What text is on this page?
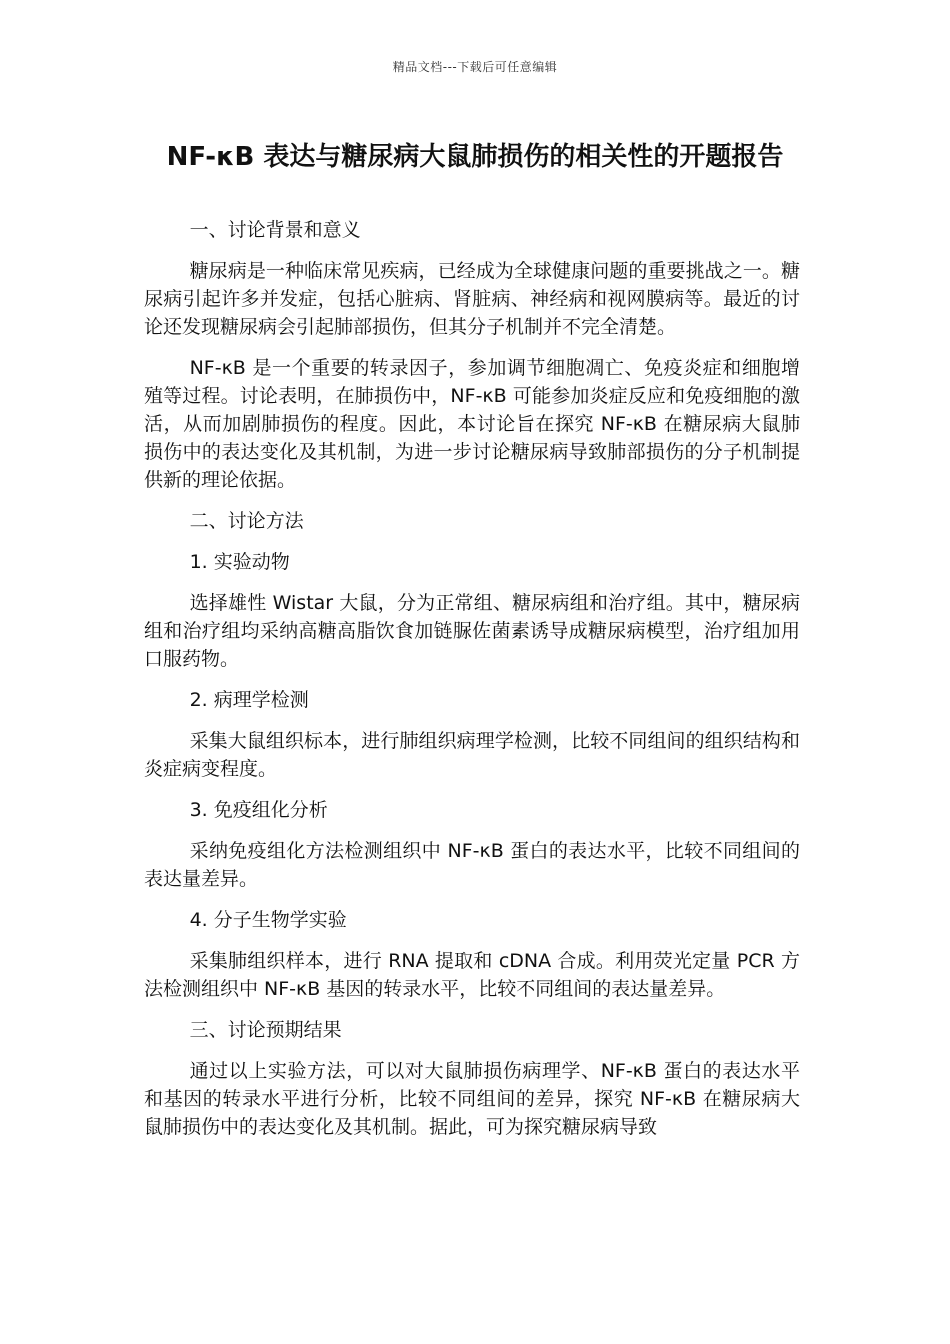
精品文档---下载后可任意编辑
NF-κB 表达与糖尿病大鼠肺损伤的相关性的开题报告

一、讨论背景和意义

糖尿病是一种临床常见疾病，已经成为全球健康问题的重要挑战之一。糖尿病引起许多并发症，包括心脏病、肾脏病、神经病和视网膜病等。最近的讨论还发现糖尿病会引起肺部损伤，但其分子机制并不完全清楚。

NF-κB 是一个重要的转录因子，参加调节细胞凋亡、免疫炎症和细胞增殖等过程。讨论表明，在肺损伤中，NF-κB 可能参加炎症反应和免疫细胞的激活，从而加剧肺损伤的程度。因此，本讨论旨在探究 NF-κB 在糖尿病大鼠肺损伤中的表达变化及其机制，为进一步讨论糖尿病导致肺部损伤的分子机制提供新的理论依据。

二、讨论方法

1. 实验动物

选择雄性 Wistar 大鼠，分为正常组、糖尿病组和治疗组。其中，糖尿病组和治疗组均采纳高糖高脂饮食加链脲佐菌素诱导成糖尿病模型，治疗组加用口服药物。

2. 病理学检测

采集大鼠组织标本，进行肺组织病理学检测，比较不同组间的组织结构和炎症病变程度。

3. 免疫组化分析

采纳免疫组化方法检测组织中 NF-κB 蛋白的表达水平，比较不同组间的表达量差异。

4. 分子生物学实验

采集肺组织样本，进行 RNA 提取和 cDNA 合成。利用荧光定量 PCR 方法检测组织中 NF-κB 基因的转录水平，比较不同组间的表达量差异。

三、讨论预期结果

通过以上实验方法，可以对大鼠肺损伤病理学、NF-κB 蛋白的表达水平和基因的转录水平进行分析，比较不同组间的差异，探究 NF-κB 在糖尿病大鼠肺损伤中的表达变化及其机制。据此，可为探究糖尿病导致
